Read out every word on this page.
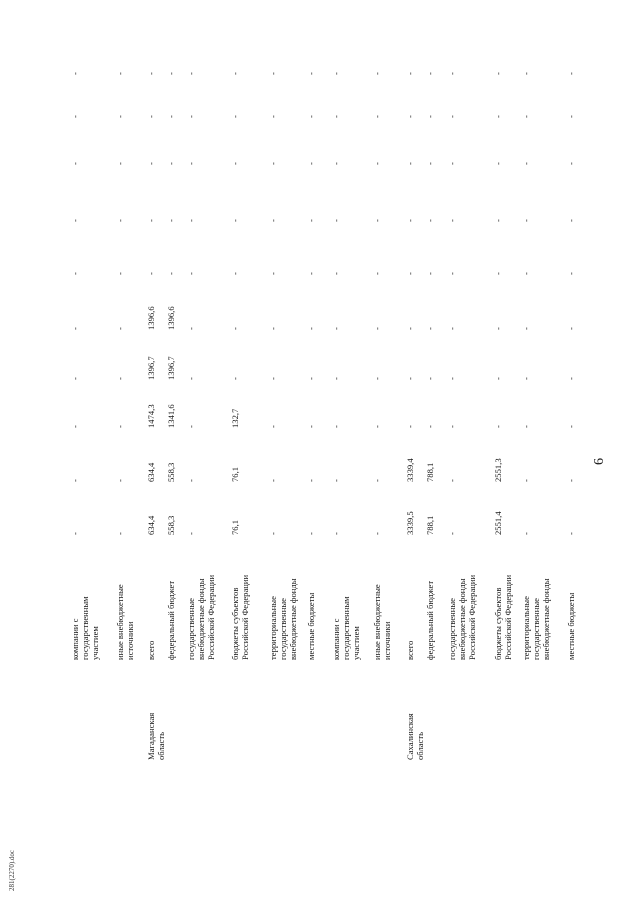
281(2270).doc
6
компании с государственным участием
-
-
-
-
-
-
-
-
-
-
иные внебюджетные источники
-
-
-
-
-
-
-
-
-
-
всего
Магаданская область
634,4
634,4
1474,3
1396,7
1396,6
-
-
-
-
-
федеральный бюджет
558,3
558,3
1341,6
1396,7
1396,6
-
-
-
-
-
государственные внебюджетные фонды Российской Федерации
-
-
-
-
-
-
-
-
-
-
бюджеты субъектов Российской Федерации
76,1
76,1
132,7
-
-
-
-
-
-
-
территориальные государственные внебюджетные фонды
-
-
-
-
-
-
-
-
-
-
местные бюджеты
-
-
-
-
-
-
-
-
-
-
компании с государственным участием
-
-
-
-
-
-
-
-
-
-
иные внебюджетные источники
-
-
-
-
-
-
-
-
-
-
всего
Сахалинская область
3339,5
3339,4
-
-
-
-
-
-
-
-
федеральный бюджет
788,1
788,1
-
-
-
-
-
-
-
-
государственные внебюджетные фонды Российской Федерации
-
-
-
-
-
-
-
-
-
-
бюджеты субъектов Российской Федерации
2551,4
2551,3
-
-
-
-
-
-
-
-
территориальные государственные внебюджетные фонды
-
-
-
-
-
-
-
-
-
-
местные бюджеты
-
-
-
-
-
-
-
-
-
-
